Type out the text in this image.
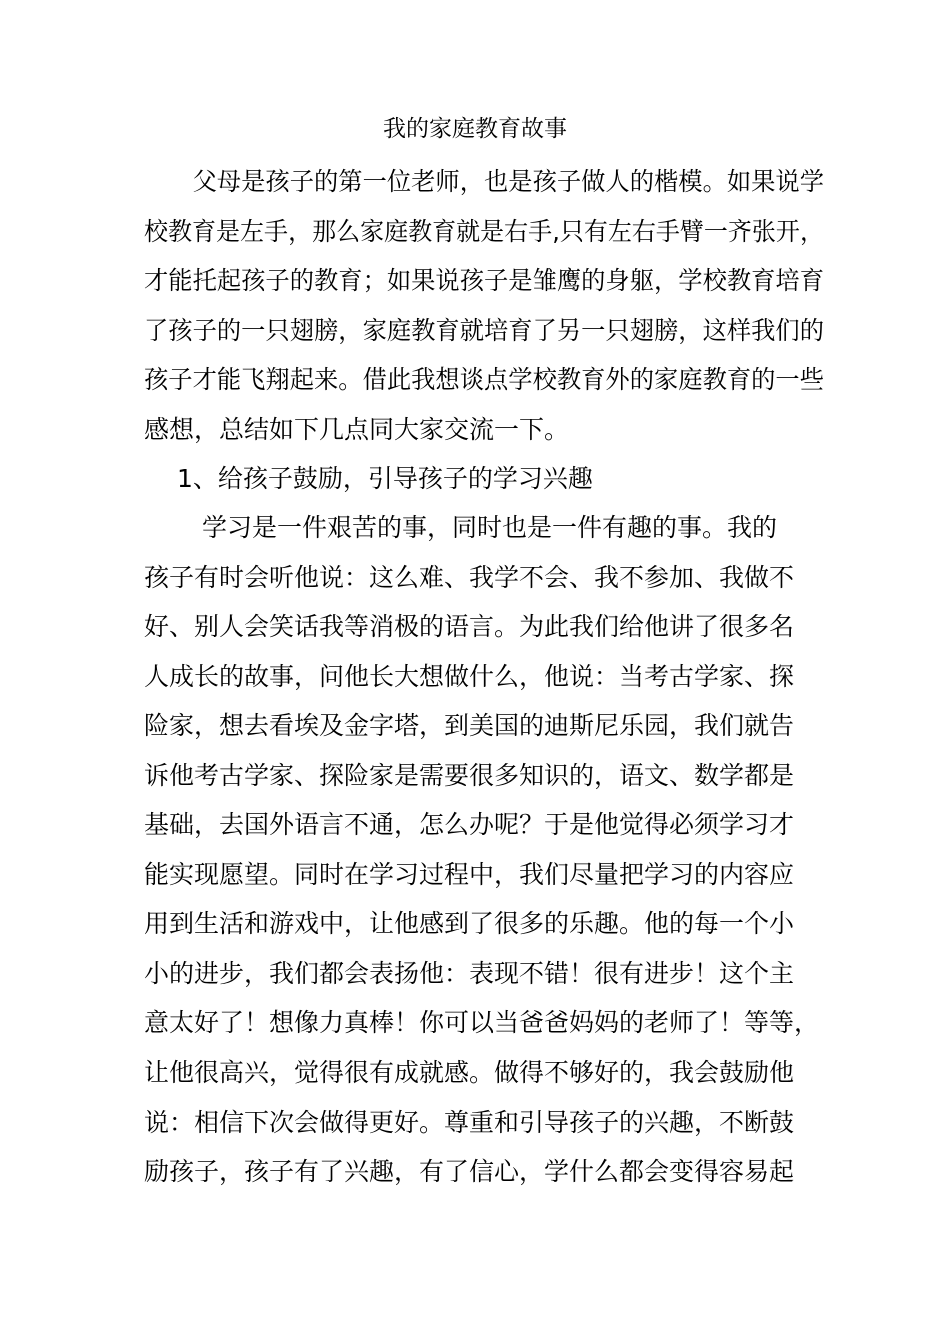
我的家庭教育故事
　　父母是孩子的第一位老师，也是孩子做人的楷模。如果说学
校教育是左手，那么家庭教育就是右手,只有左右手臂一齐张开，
才能托起孩子的教育；如果说孩子是雏鹰的身躯，学校教育培育
了孩子的一只翅膀，家庭教育就培育了另一只翅膀，这样我们的
孩子才能飞翔起来。借此我想谈点学校教育外的家庭教育的一些
感想，总结如下几点同大家交流一下。
　 1、给孩子鼓励，引导孩子的学习兴趣
　　 学习是一件艰苦的事，同时也是一件有趣的事。我的
孩子有时会听他说：这么难、我学不会、我不参加、我做不
好、别人会笑话我等消极的语言。为此我们给他讲了很多名
人成长的故事，问他长大想做什么，他说：当考古学家、探
险家，想去看埃及金字塔，到美国的迪斯尼乐园，我们就告
诉他考古学家、探险家是需要很多知识的，语文、数学都是
基础，去国外语言不通，怎么办呢？于是他觉得必须学习才
能实现愿望。同时在学习过程中，我们尽量把学习的内容应
用到生活和游戏中，让他感到了很多的乐趣。他的每一个小
小的进步，我们都会表扬他：表现不错！很有进步！这个主
意太好了！想像力真棒！你可以当爸爸妈妈的老师了！等等，
让他很高兴，觉得很有成就感。做得不够好的，我会鼓励他
说：相信下次会做得更好。尊重和引导孩子的兴趣，不断鼓
励孩子，孩子有了兴趣，有了信心，学什么都会变得容易起
